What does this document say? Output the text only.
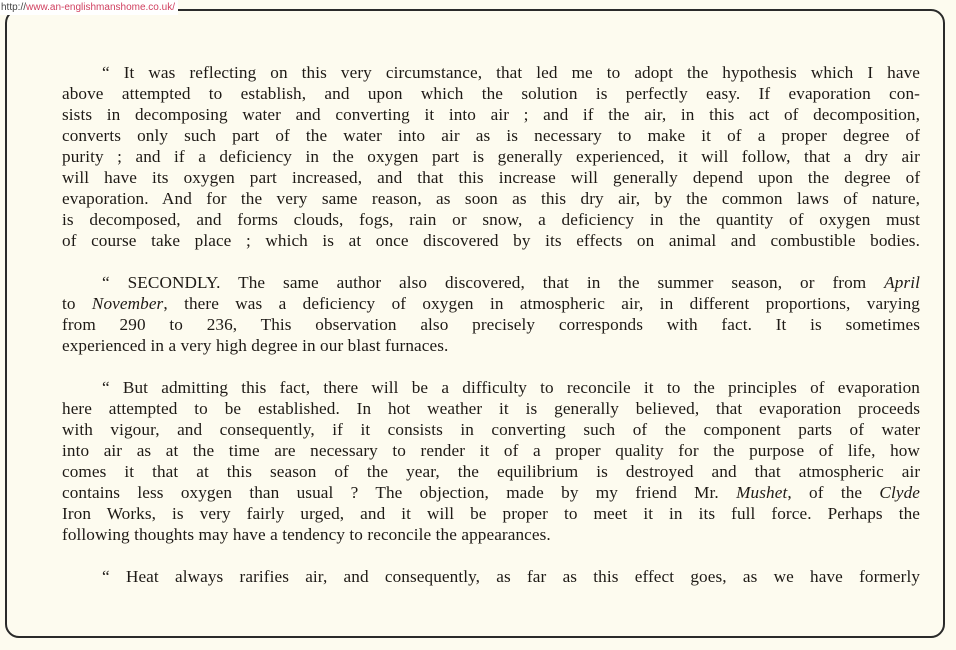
http://www.an-englishmanshome.co.uk/
“ It was reflecting on this very circumstance, that led me to adopt the hypothesis which I have
above attempted to establish, and upon which the solution is perfectly easy. If evaporation con-
sists in decomposing water and converting it into air ; and if the air, in this act of decomposition,
converts only such part of the water into air as is necessary to make it of a proper degree of
purity ; and if a deficiency in the oxygen part is generally experienced, it will follow, that a dry air
will have its oxygen part increased, and that this increase will generally depend upon the degree of
evaporation. And for the very same reason, as soon as this dry air, by the common laws of nature,
is decomposed, and forms clouds, fogs, rain or snow, a deficiency in the quantity of oxygen must
of course take place ; which is at once discovered by its effects on animal and combustible bodies.
“ SECONDLY. The same author also discovered, that in the summer season, or from April
to November, there was a deficiency of oxygen in atmospheric air, in different proportions, varying
from 290 to 236, This observation also precisely corresponds with fact. It is sometimes
experienced in a very high degree in our blast furnaces.
“ But admitting this fact, there will be a difficulty to reconcile it to the principles of evaporation
here attempted to be established. In hot weather it is generally believed, that evaporation proceeds
with vigour, and consequently, if it consists in converting such of the component parts of water
into air as at the time are necessary to render it of a proper quality for the purpose of life, how
comes it that at this season of the year, the equilibrium is destroyed and that atmospheric air
contains less oxygen than usual ? The objection, made by my friend Mr. Mushet, of the Clyde
Iron Works, is very fairly urged, and it will be proper to meet it in its full force. Perhaps the
following thoughts may have a tendency to reconcile the appearances.
“ Heat always rarifies air, and consequently, as far as this effect goes, as we have formerly
